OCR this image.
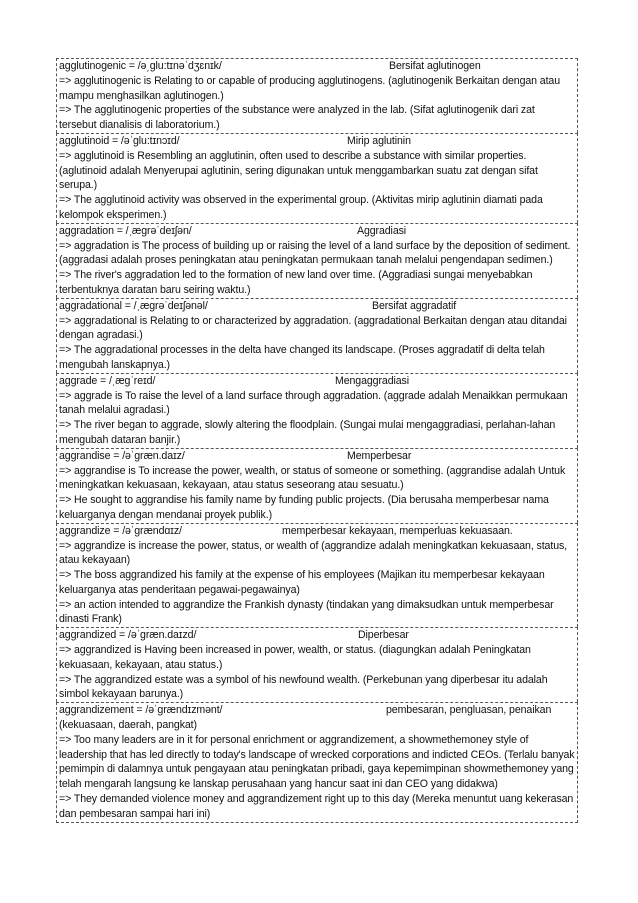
agglutinogenic = /ə͵ɡlu:tɪnəˈdʒɛnɪk/	Bersifat aglutinogen
=> agglutinogenic is Relating to or capable of producing agglutinogens. (aglutinogenik Berkaitan dengan atau mampu menghasilkan aglutinogen.)
=> The agglutinogenic properties of the substance were analyzed in the lab. (Sifat aglutinogenik dari zat tersebut dianalisis di laboratorium.)
agglutinoid = /əˈɡlu:tɪnɔɪd/	Mirip aglutinin
=> agglutinoid is Resembling an agglutinin, often used to describe a substance with similar properties. (aglutinoid adalah Menyerupai aglutinin, sering digunakan untuk menggambarkan suatu zat dengan sifat serupa.)
=> The agglutinoid activity was observed in the experimental group. (Aktivitas mirip aglutinin diamati pada kelompok eksperimen.)
aggradation = /ˌæɡrəˈdeɪʃən/	Aggradiasi
=> aggradation is The process of building up or raising the level of a land surface by the deposition of sediment. (aggradasi adalah proses peningkatan atau peningkatan permukaan tanah melalui pengendapan sedimen.)
=> The river's aggradation led to the formation of new land over time. (Aggradiasi sungai menyebabkan terbentuknya daratan baru seiring waktu.)
aggradational = /ˌæɡrəˈdeɪʃənəl/	Bersifat aggradatif
=> aggradational is Relating to or characterized by aggradation. (aggradational Berkaitan dengan atau ditandai dengan agradasi.)
=> The aggradational processes in the delta have changed its landscape. (Proses aggradatif di delta telah mengubah lanskapnya.)
aggrade = /ˌæɡˈreɪd/	Mengaggradiasi
=> aggrade is To raise the level of a land surface through aggradation. (aggrade adalah Menaikkan permukaan tanah melalui agradasi.)
=> The river began to aggrade, slowly altering the floodplain. (Sungai mulai mengaggradiasi, perlahan-lahan mengubah dataran banjir.)
aggrandise = /əˈɡræn.daɪz/	Memperbesar
=> aggrandise is To increase the power, wealth, or status of someone or something. (aggrandise adalah Untuk meningkatkan kekuasaan, kekayaan, atau status seseorang atau sesuatu.)
=> He sought to aggrandise his family name by funding public projects. (Dia berusaha memperbesar nama keluarganya dengan mendanai proyek publik.)
aggrandize = /əˈɡrændɑɪz/	memperbesar kekayaan, memperluas kekuasaan.
=> aggrandize is increase the power, status, or wealth of (aggrandize adalah meningkatkan kekuasaan, status, atau kekayaan)
=> The boss aggrandized his family at the expense of his employees (Majikan itu memperbesar kekayaan keluarganya atas penderitaan pegawai-pegawainya)
=> an action intended to aggrandize the Frankish dynasty (tindakan yang dimaksudkan untuk memperbesar dinasti Frank)
aggrandized = /əˈɡræn.daɪzd/	Diperbesar
=> aggrandized is Having been increased in power, wealth, or status. (diagungkan adalah Peningkatan kekuasaan, kekayaan, atau status.)
=> The aggrandized estate was a symbol of his newfound wealth. (Perkebunan yang diperbesar itu adalah simbol kekayaan barunya.)
aggrandizement = /əˈɡrændɪzmənt/	pembesaran, pengluasan, penaikan (kekuasaan, daerah, pangkat)
=> Too many leaders are in it for personal enrichment or aggrandizement, a showmethemoney style of leadership that has led directly to today's landscape of wrecked corporations and indicted CEOs. (Terlalu banyak pemimpin di dalamnya untuk pengayaan atau peningkatan pribadi, gaya kepemimpinan showmethemoney yang telah mengarah langsung ke lanskap perusahaan yang hancur saat ini dan CEO yang didakwa)
=> They demanded violence money and aggrandizement right up to this day (Mereka menuntut uang kekerasan dan pembesaran sampai hari ini)
